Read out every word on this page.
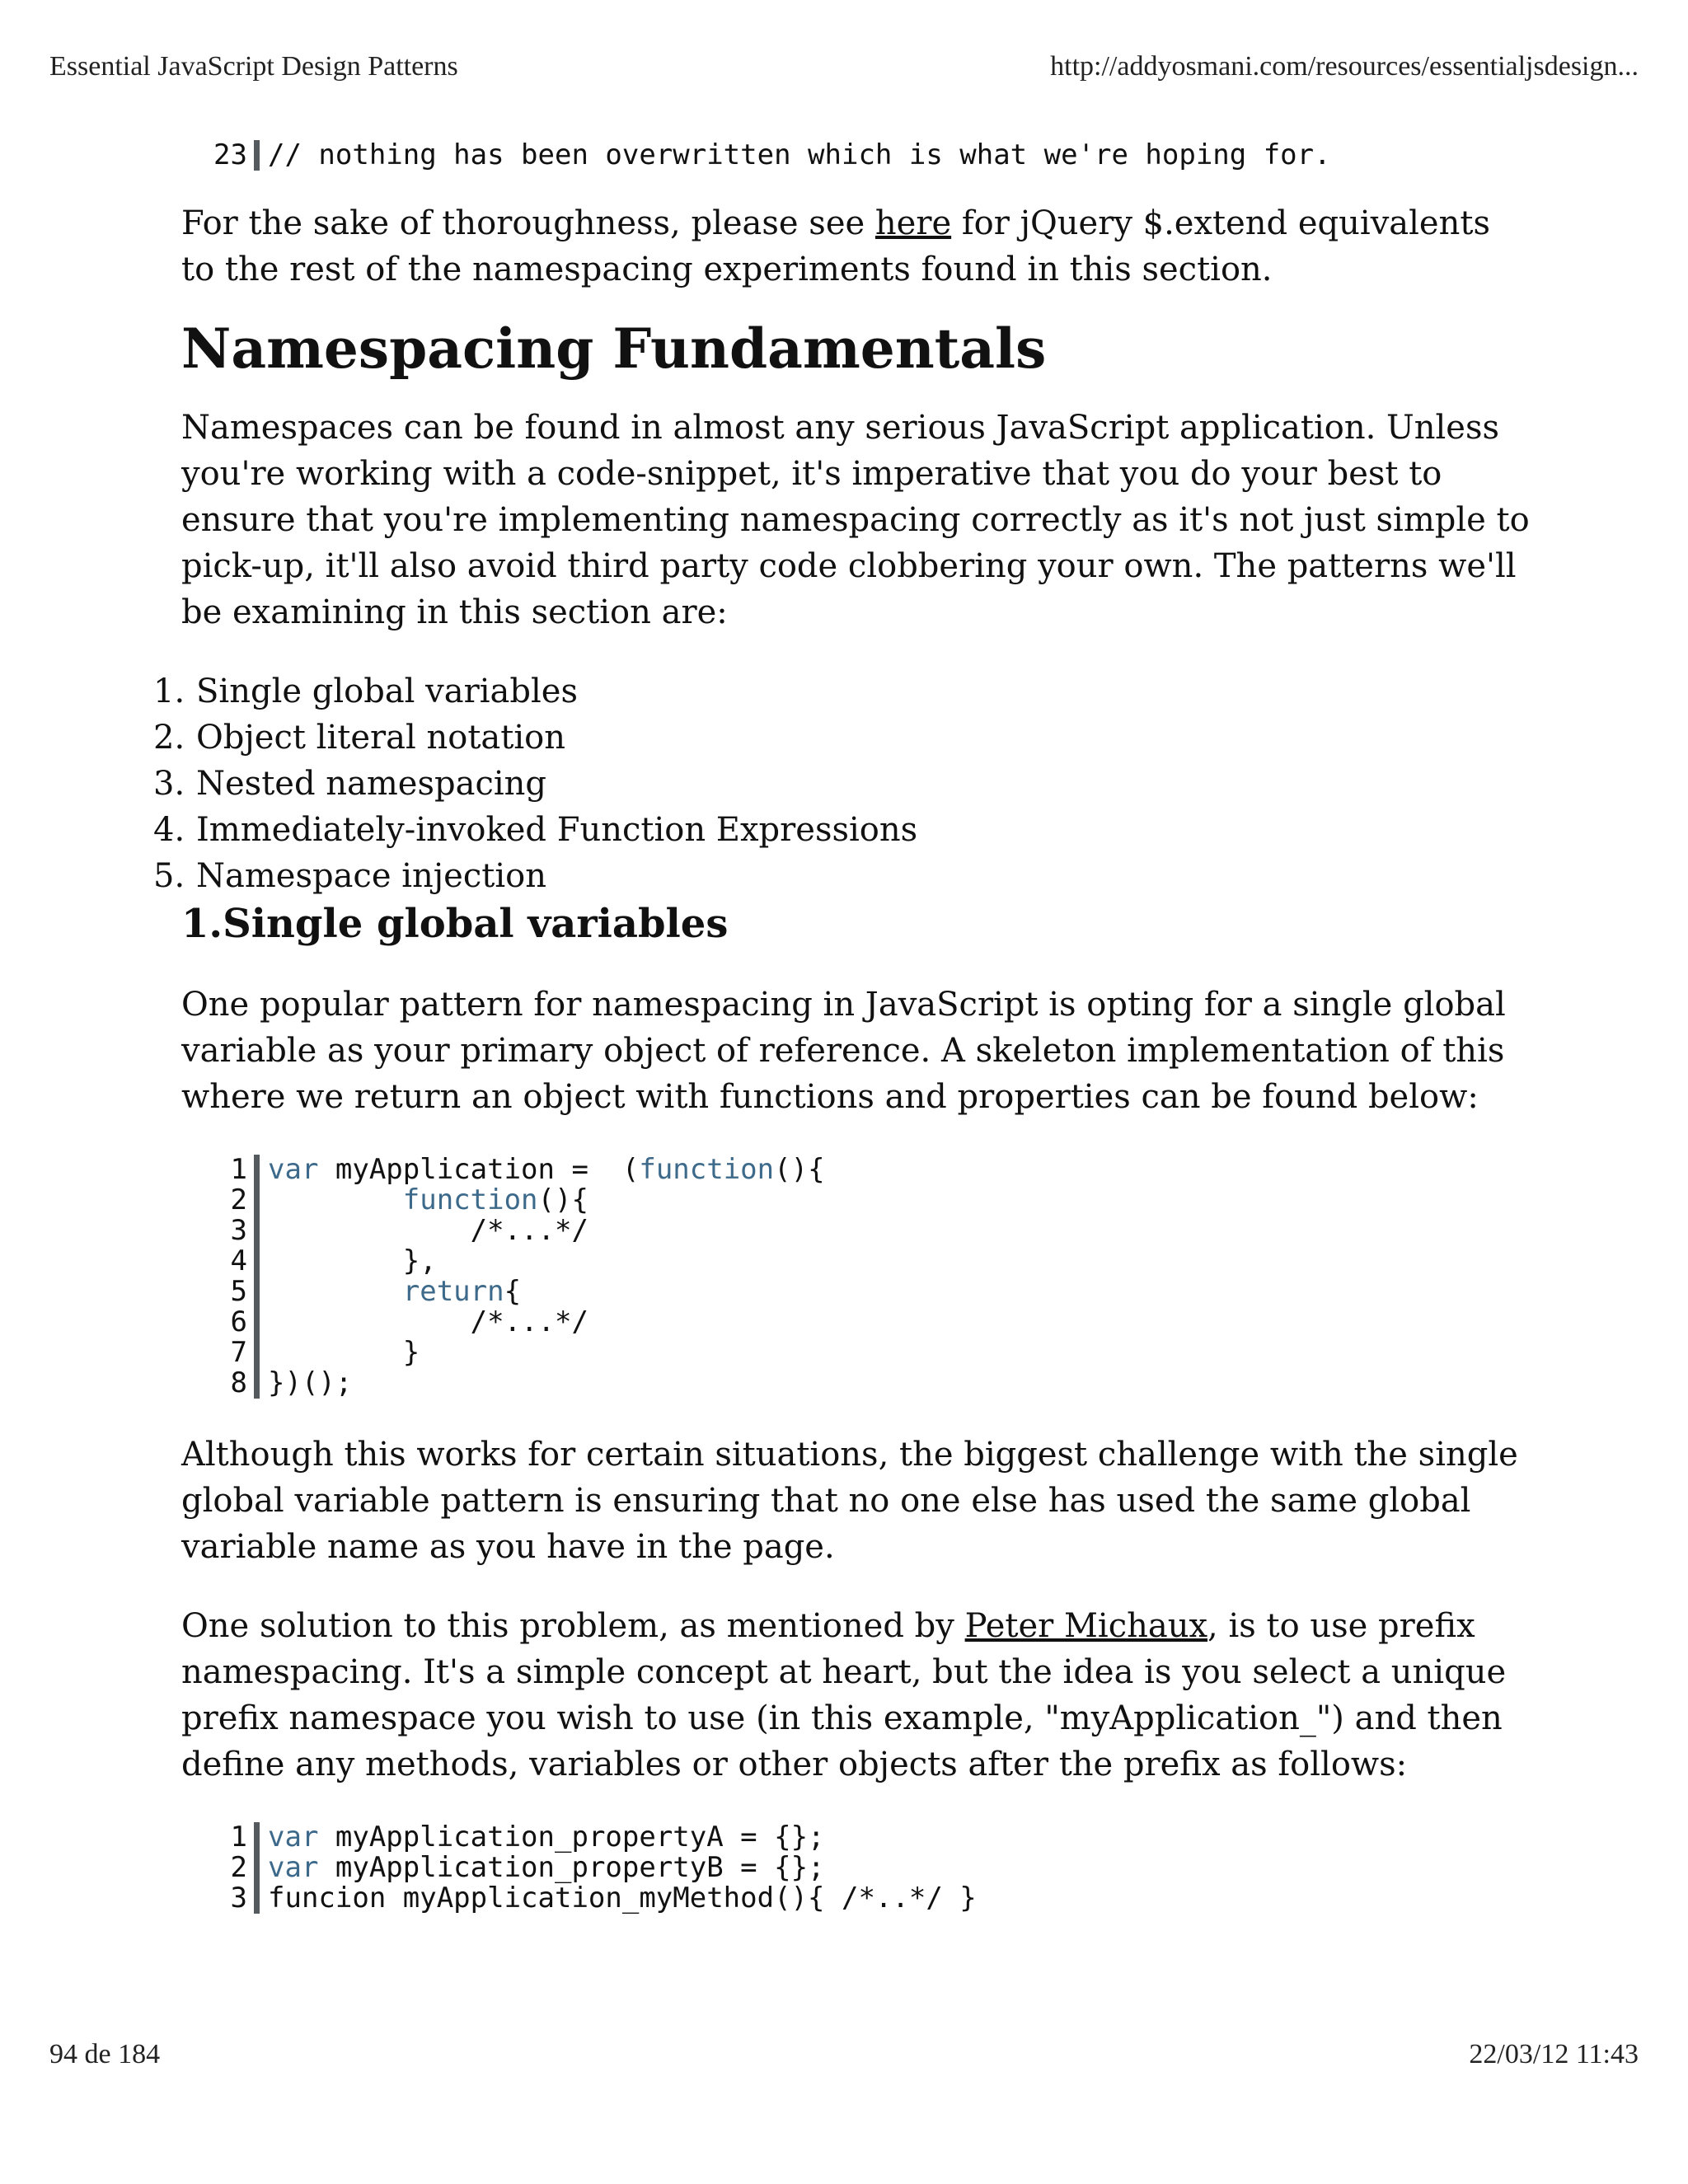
Essential JavaScript Design Patterns	http://addyosmani.com/resources/essentialjsdesign...
23 // nothing has been overwritten which is what we're hoping for.

For the sake of thoroughness, please see here for jQuery $.extend equivalents to the rest of the namespacing experiments found in this section.

Namespacing Fundamentals

Namespaces can be found in almost any serious JavaScript application. Unless you're working with a code-snippet, it's imperative that you do your best to ensure that you're implementing namespacing correctly as it's not just simple to pick-up, it'll also avoid third party code clobbering your own. The patterns we'll be examining in this section are:

1. Single global variables
2. Object literal notation
3. Nested namespacing
4. Immediately-invoked Function Expressions
5. Namespace injection
1.Single global variables

One popular pattern for namespacing in JavaScript is opting for a single global variable as your primary object of reference. A skeleton implementation of this where we return an object with functions and properties can be found below:

1 var myApplication =  (function(){
2	function(){
3 /*...*/
4 },
5	return{
6 /*...*/
7 }
8 })();

Although this works for certain situations, the biggest challenge with the single global variable pattern is ensuring that no one else has used the same global variable name as you have in the page.

One solution to this problem, as mentioned by Peter Michaux, is to use prefix namespacing. It's a simple concept at heart, but the idea is you select a unique prefix namespace you wish to use (in this example, "myApplication_") and then define any methods, variables or other objects after the prefix as follows:

1 var myApplication_propertyA = {};
2 var myApplication_propertyB = {};
3 funcion myApplication_myMethod(){ /*..*/ }
94 de 184	22/03/12 11:43
